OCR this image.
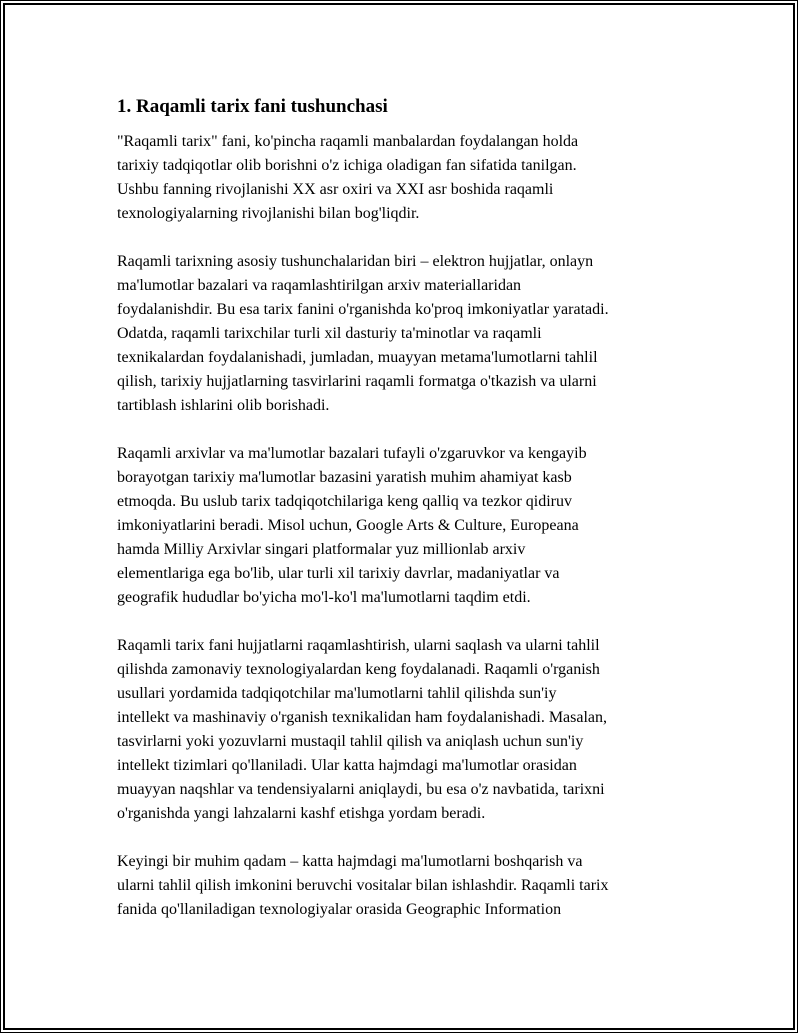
1. Raqamli tarix fani tushunchasi

"Raqamli tarix" fani, ko'pincha raqamli manbalardan foydalangan holda
tarixiy tadqiqotlar olib borishni o'z ichiga oladigan fan sifatida tanilgan.
Ushbu fanning rivojlanishi XX asr oxiri va XXI asr boshida raqamli
texnologiyalarning rivojlanishi bilan bog'liqdir.

Raqamli tarixning asosiy tushunchalaridan biri – elektron hujjatlar, onlayn
ma'lumotlar bazalari va raqamlashtirilgan arxiv materiallaridan
foydalanishdir. Bu esa tarix fanini o'rganishda ko'proq imkoniyatlar yaratadi.
Odatda, raqamli tarixchilar turli xil dasturiy ta'minotlar va raqamli
texnikalardan foydalanishadi, jumladan, muayyan metama'lumotlarni tahlil
qilish, tarixiy hujjatlarning tasvirlarini raqamli formatga o'tkazish va ularni
tartiblash ishlarini olib borishadi.

Raqamli arxivlar va ma'lumotlar bazalari tufayli o'zgaruvkor va kengayib
borayotgan tarixiy ma'lumotlar bazasini yaratish muhim ahamiyat kasb
etmoqda. Bu uslub tarix tadqiqotchilariga keng qalliq va tezkor qidiruv
imkoniyatlarini beradi. Misol uchun, Google Arts & Culture, Europeana
hamda Milliy Arxivlar singari platformalar yuz millionlab arxiv
elementlariga ega bo'lib, ular turli xil tarixiy davrlar, madaniyatlar va
geografik hududlar bo'yicha mo'l-ko'l ma'lumotlarni taqdim etdi.

Raqamli tarix fani hujjatlarni raqamlashtirish, ularni saqlash va ularni tahlil
qilishda zamonaviy texnologiyalardan keng foydalanadi. Raqamli o'rganish
usullari yordamida tadqiqotchilar ma'lumotlarni tahlil qilishda sun'iy
intellekt va mashinaviy o'rganish texnikalidan ham foydalanishadi. Masalan,
tasvirlarni yoki yozuvlarni mustaqil tahlil qilish va aniqlash uchun sun'iy
intellekt tizimlari qo'llaniladi. Ular katta hajmdagi ma'lumotlar orasidan
muayyan naqshlar va tendensiyalarni aniqlaydi, bu esa o'z navbatida, tarixni
o'rganishda yangi lahzalarni kashf etishga yordam beradi.

Keyingi bir muhim qadam – katta hajmdagi ma'lumotlarni boshqarish va
ularni tahlil qilish imkonini beruvchi vositalar bilan ishlashdir. Raqamli tarix
fanida qo'llaniladigan texnologiyalar orasida Geographic Information
